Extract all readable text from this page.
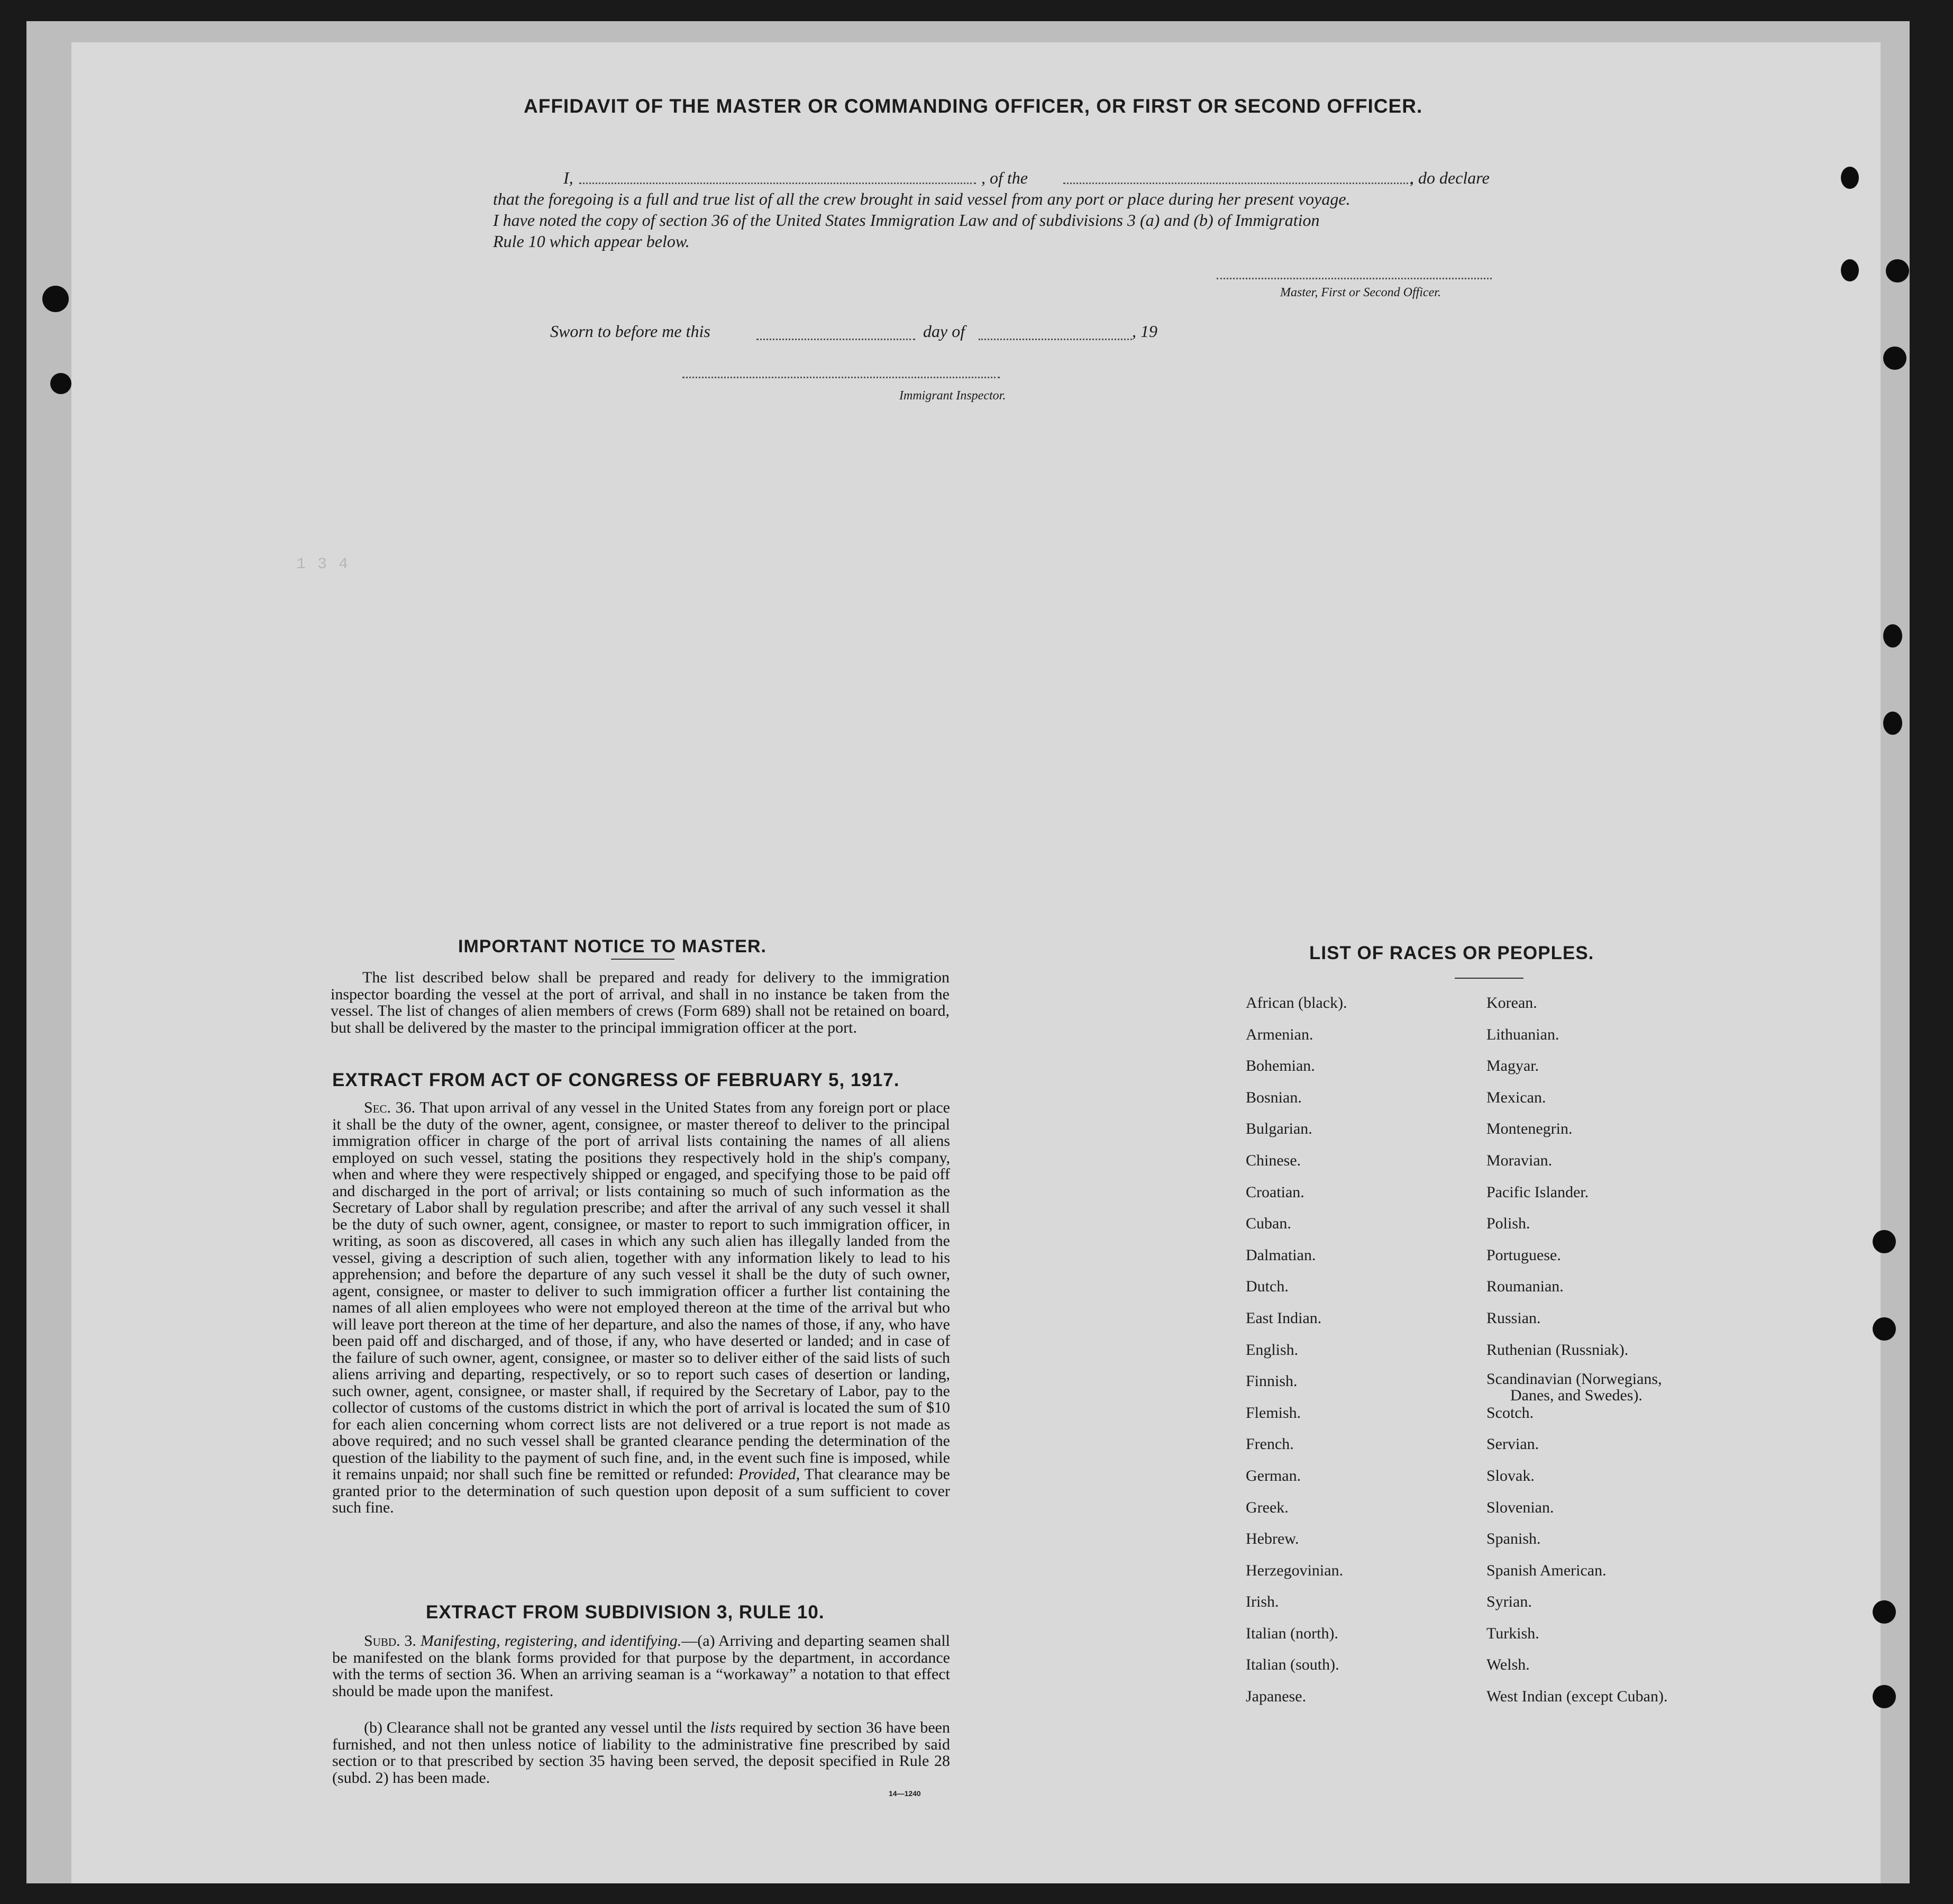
1 3 4
AFFIDAVIT OF THE MASTER OR COMMANDING OFFICER, OR FIRST OR SECOND OFFICER.
I,	, of the	, do declare
that the foregoing is a full and true list of all the crew brought in said vessel from any port or place during her present voyage.
I have noted the copy of section 36 of the United States Immigration Law and of subdivisions 3 (a) and (b) of Immigration
Rule 10 which appear below.
Master, First or Second Officer.
Sworn to before me this	day of	, 19
Immigrant Inspector.
IMPORTANT NOTICE TO MASTER.
The list described below shall be prepared and ready for delivery to the immigration inspector boarding the vessel at the port of arrival, and shall in no instance be taken from the vessel. The list of changes of alien members of crews (Form 689) shall not be retained on board, but shall be delivered by the master to the principal immigration officer at the port.
EXTRACT FROM ACT OF CONGRESS OF FEBRUARY 5, 1917.
Sec. 36. That upon arrival of any vessel in the United States from any foreign port or place it shall be the duty of the owner, agent, consignee, or master thereof to deliver to the principal immigration officer in charge of the port of arrival lists containing the names of all aliens employed on such vessel, stating the positions they respectively hold in the ship's company, when and where they were respectively shipped or engaged, and specifying those to be paid off and discharged in the port of arrival; or lists containing so much of such information as the Secretary of Labor shall by regulation prescribe; and after the arrival of any such vessel it shall be the duty of such owner, agent, consignee, or master to report to such immigration officer, in writing, as soon as discovered, all cases in which any such alien has illegally landed from the vessel, giving a description of such alien, together with any information likely to lead to his apprehension; and before the departure of any such vessel it shall be the duty of such owner, agent, consignee, or master to deliver to such immigration officer a further list containing the names of all alien employees who were not employed thereon at the time of the arrival but who will leave port thereon at the time of her departure, and also the names of those, if any, who have been paid off and discharged, and of those, if any, who have deserted or landed; and in case of the failure of such owner, agent, consignee, or master so to deliver either of the said lists of such aliens arriving and departing, respectively, or so to report such cases of desertion or landing, such owner, agent, consignee, or master shall, if required by the Secretary of Labor, pay to the collector of customs of the customs district in which the port of arrival is located the sum of $10 for each alien concerning whom correct lists are not delivered or a true report is not made as above required; and no such vessel shall be granted clearance pending the determination of the question of the liability to the payment of such fine, and, in the event such fine is imposed, while it remains unpaid; nor shall such fine be remitted or refunded: Provided, That clearance may be granted prior to the determination of such question upon deposit of a sum sufficient to cover such fine.
EXTRACT FROM SUBDIVISION 3, RULE 10.
Subd. 3. Manifesting, registering, and identifying.—(a) Arriving and departing seamen shall be manifested on the blank forms provided for that purpose by the department, in accordance with the terms of section 36. When an arriving seaman is a “workaway” a notation to that effect should be made upon the manifest.
(b) Clearance shall not be granted any vessel until the lists required by section 36 have been furnished, and not then unless notice of liability to the administrative fine prescribed by said section or to that prescribed by section 35 having been served, the deposit specified in Rule 28 (subd. 2) has been made.
14—1240
LIST OF RACES OR PEOPLES.
African (black).
Armenian.
Bohemian.
Bosnian.
Bulgarian.
Chinese.
Croatian.
Cuban.
Dalmatian.
Dutch.
East Indian.
English.
Finnish.
Flemish.
French.
German.
Greek.
Hebrew.
Herzegovinian.
Irish.
Italian (north).
Italian (south).
Japanese.
Korean.
Lithuanian.
Magyar.
Mexican.
Montenegrin.
Moravian.
Pacific Islander.
Polish.
Portuguese.
Roumanian.
Russian.
Ruthenian (Russniak).
Scandinavian (Norwegians,
Danes, and Swedes).
Scotch.
Servian.
Slovak.
Slovenian.
Spanish.
Spanish American.
Syrian.
Turkish.
Welsh.
West Indian (except Cuban).
